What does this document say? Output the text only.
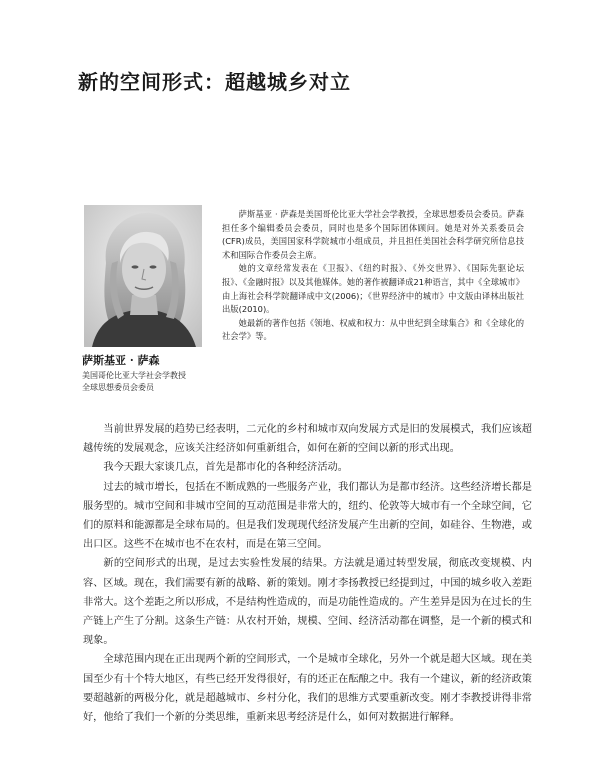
新的空间形式：超越城乡对立

萨斯基亚 · 萨森是美国哥伦比亚大学社会学教授，全球思想委员会委员。萨森担任多个编辑委员会委员，同时也是多个国际团体顾问。她是对外关系委员会(CFR)成员，美国国家科学院城市小组成员，并且担任美国社会科学研究所信息技术和国际合作委员会主席。

她的文章经常发表在《卫报》、《纽约时报》、《外交世界》、《国际先驱论坛报》、《金融时报》以及其他媒体。她的著作被翻译成21种语言，其中《全球城市》由上海社会科学院翻译成中文(2006)；《世界经济中的城市》中文版由译林出版社出版(2010)。

她最新的著作包括《领地、权威和权力：从中世纪到全球集合》和《全球化的社会学》等。

萨斯基亚 · 萨森
美国哥伦比亚大学社会学教授
全球思想委员会委员

当前世界发展的趋势已经表明，二元化的乡村和城市双向发展方式是旧的发展模式，我们应该超越传统的发展观念，应该关注经济如何重新组合，如何在新的空间以新的形式出现。

我今天跟大家谈几点，首先是都市化的各种经济活动。

过去的城市增长，包括在不断成熟的一些服务产业，我们都认为是都市经济。这些经济增长都是服务型的。城市空间和非城市空间的互动范围是非常大的，纽约、伦敦等大城市有一个全球空间，它们的原料和能源都是全球布局的。但是我们发现现代经济发展产生出新的空间，如硅谷、生物港，或出口区。这些不在城市也不在农村，而是在第三空间。

新的空间形式的出现，是过去实验性发展的结果。方法就是通过转型发展，彻底改变规模、内容、区域。现在，我们需要有新的战略、新的策划。刚才李扬教授已经提到过，中国的城乡收入差距非常大。这个差距之所以形成，不是结构性造成的，而是功能性造成的。产生差异是因为在过长的生产链上产生了分割。这条生产链：从农村开始，规模、空间、经济活动都在调整，是一个新的模式和现象。

全球范围内现在正出现两个新的空间形式，一个是城市全球化，另外一个就是超大区域。现在美国至少有十个特大地区，有些已经开发得很好，有的还正在酝酿之中。我有一个建议，新的经济政策要超越新的两极分化，就是超越城市、乡村分化，我们的思维方式要重新改变。刚才李教授讲得非常好，他给了我们一个新的分类思维，重新来思考经济是什么，如何对数据进行解释。
